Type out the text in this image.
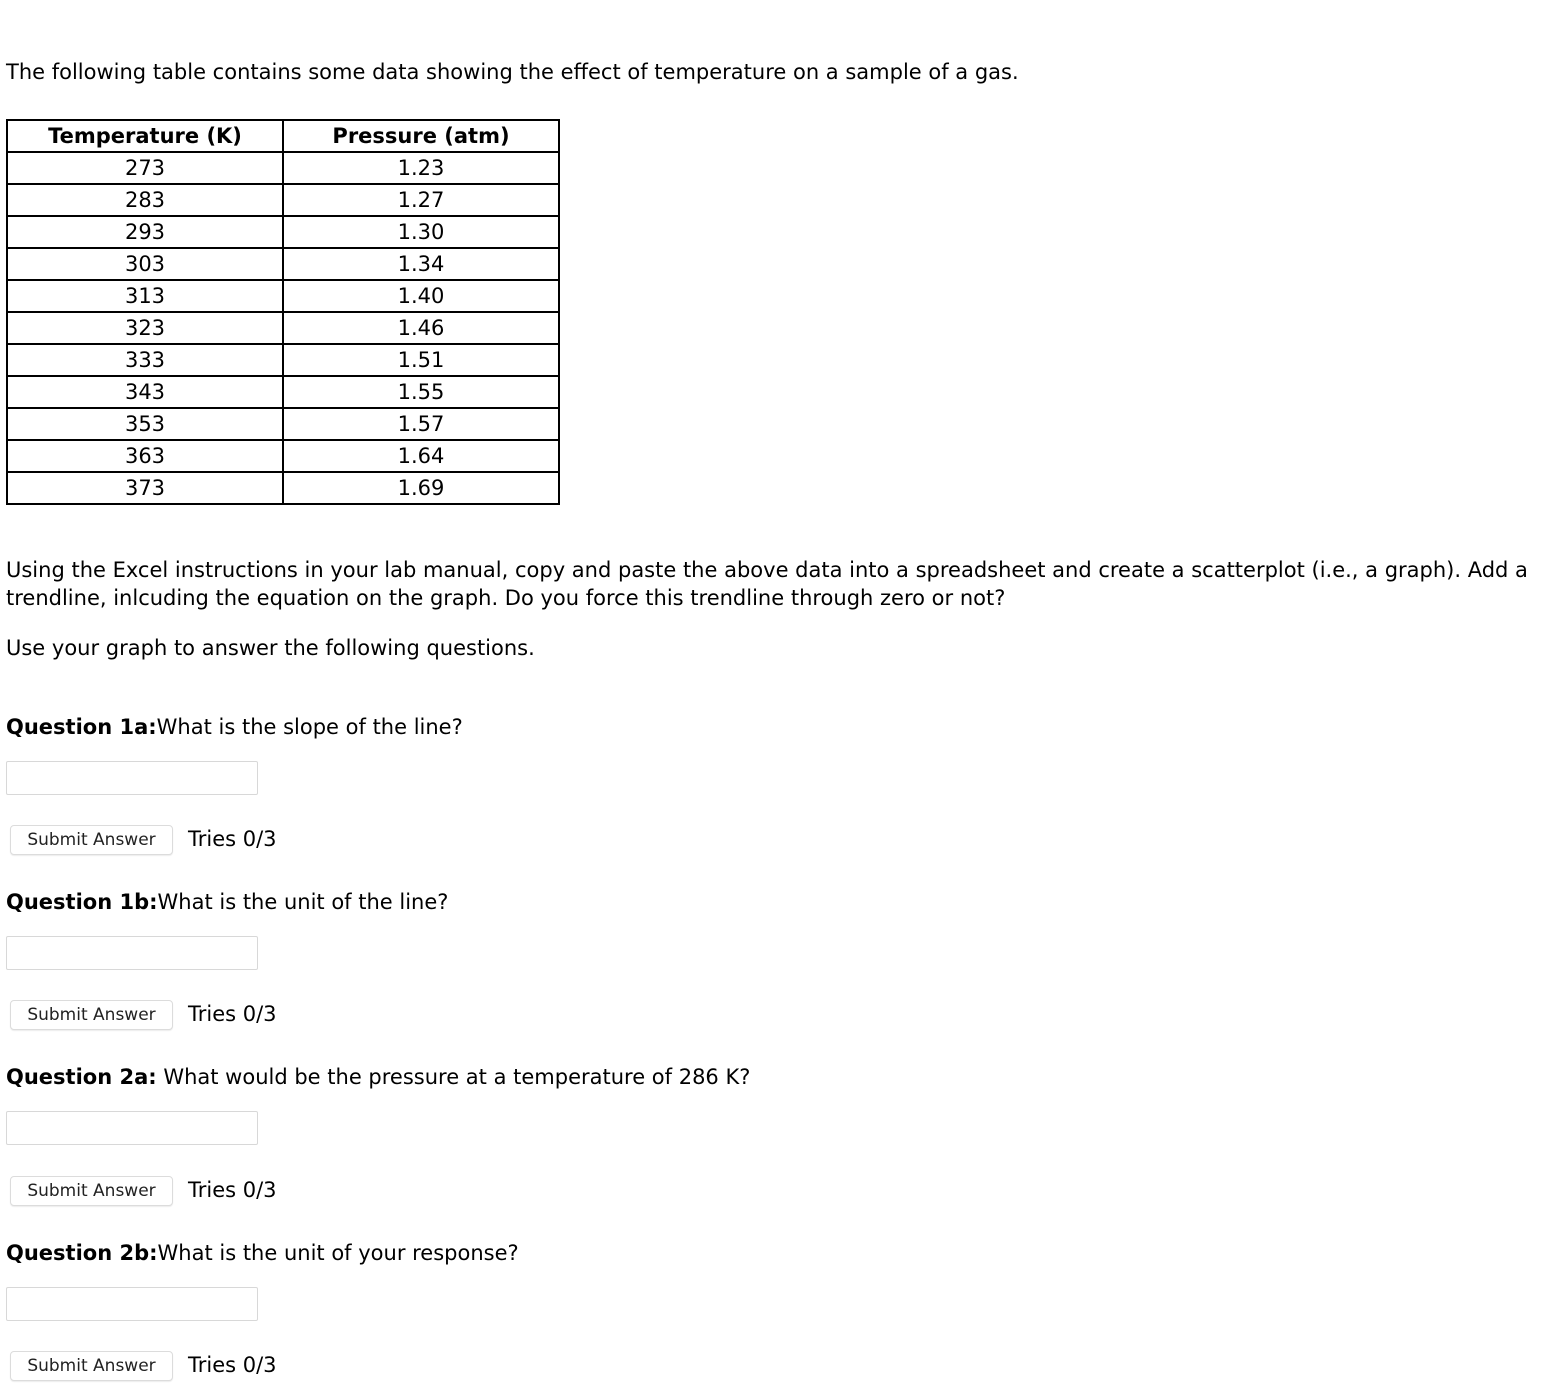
The following table contains some data showing the effect of temperature on a sample of a gas.

Temperature (K)	Pressure (atm)
273	1.23
283	1.27
293	1.30
303	1.34
313	1.40
323	1.46
333	1.51
343	1.55
353	1.57
363	1.64
373	1.69

Using the Excel instructions in your lab manual, copy and paste the above data into a spreadsheet and create a scatterplot (i.e., a graph). Add a trendline, inlcuding the equation on the graph. Do you force this trendline through zero or not?

Use your graph to answer the following questions.

Question 1a:What is the slope of the line?

Submit Answer	Tries 0/3

Question 1b:What is the unit of the line?

Submit Answer	Tries 0/3

Question 2a: What would be the pressure at a temperature of 286 K?

Submit Answer	Tries 0/3

Question 2b:What is the unit of your response?

Submit Answer	Tries 0/3
